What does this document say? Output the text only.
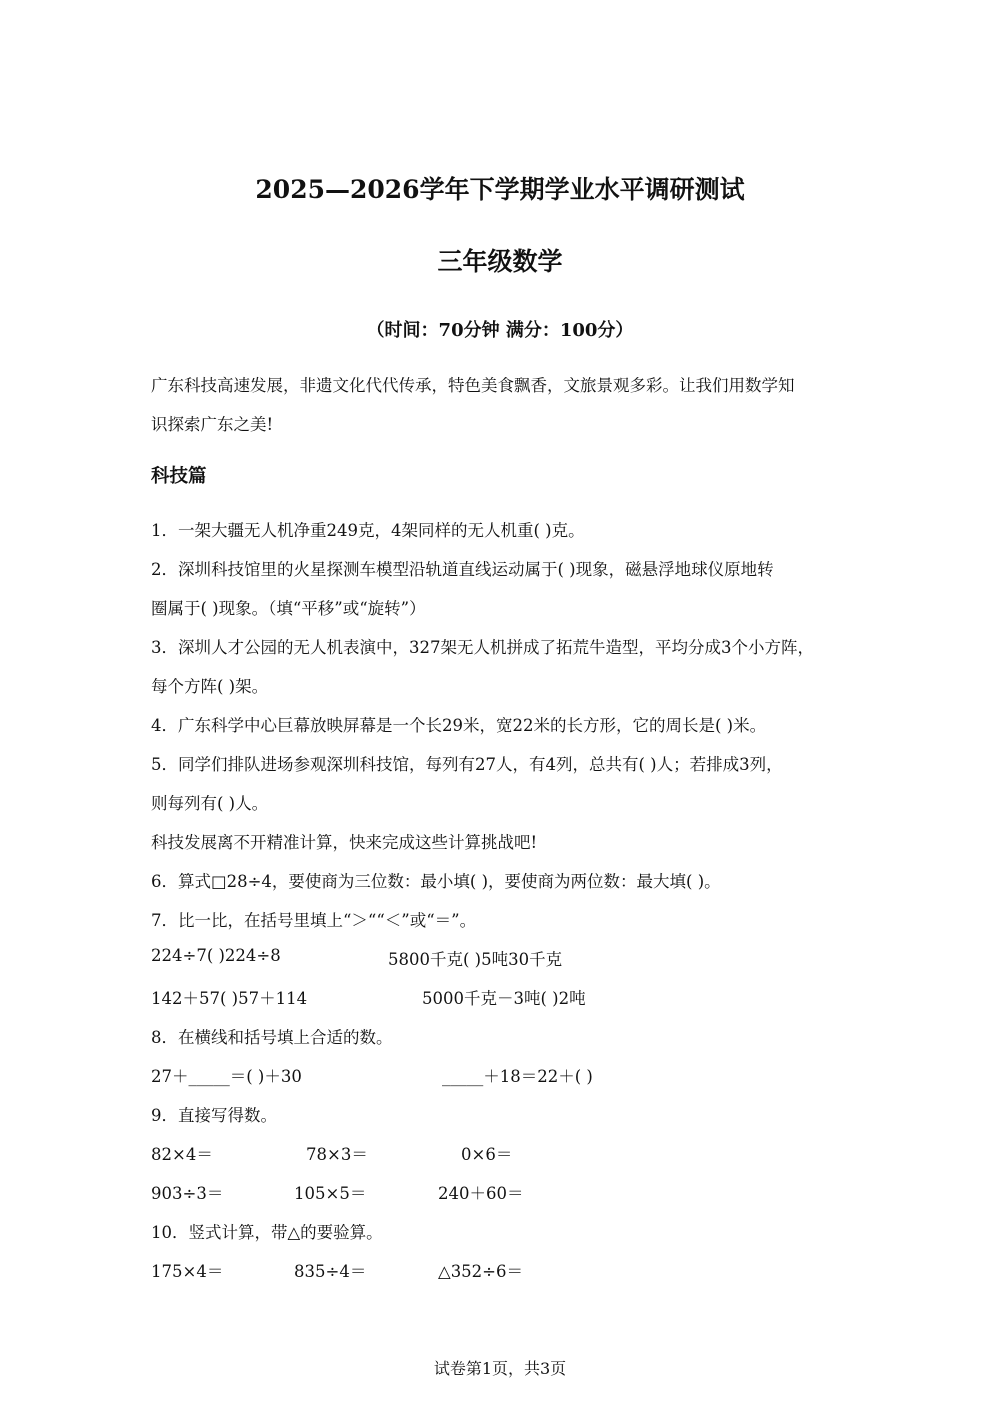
2025—2026学年下学期学业水平调研测试
三年级数学
（时间：70分钟 满分：100分）
广东科技高速发展，非遗文化代代传承，特色美食飘香，文旅景观多彩。让我们用数学知
识探索广东之美!
科技篇
1．一架大疆无人机净重249克，4架同样的无人机重( )克。
2．深圳科技馆里的火星探测车模型沿轨道直线运动属于( )现象，磁悬浮地球仪原地转
圈属于( )现象。（填“平移”或“旋转”）
3．深圳人才公园的无人机表演中，327架无人机拼成了拓荒牛造型，平均分成3个小方阵，
每个方阵( )架。
4．广东科学中心巨幕放映屏幕是一个长29米，宽22米的长方形，它的周长是( )米。
5．同学们排队进场参观深圳科技馆，每列有27人，有4列，总共有( )人；若排成3列，
则每列有( )人。
科技发展离不开精准计算，快来完成这些计算挑战吧!
6．算式□28÷4，要使商为三位数：最小填( )，要使商为两位数：最大填( )。
7．比一比，在括号里填上“＞““＜”或“＝”。
224÷7( )224÷8	5800千克( )5吨30千克
142＋57( )57＋114	5000千克－3吨( )2吨
8．在横线和括号填上合适的数。
27＋_____＝( )＋30	_____＋18＝22＋( )
9．直接写得数。
82×4＝	78×3＝	0×6＝
903÷3＝	105×5＝	240＋60＝
10．竖式计算，带△的要验算。
175×4＝	835÷4＝	△352÷6＝
试卷第1页，共3页
